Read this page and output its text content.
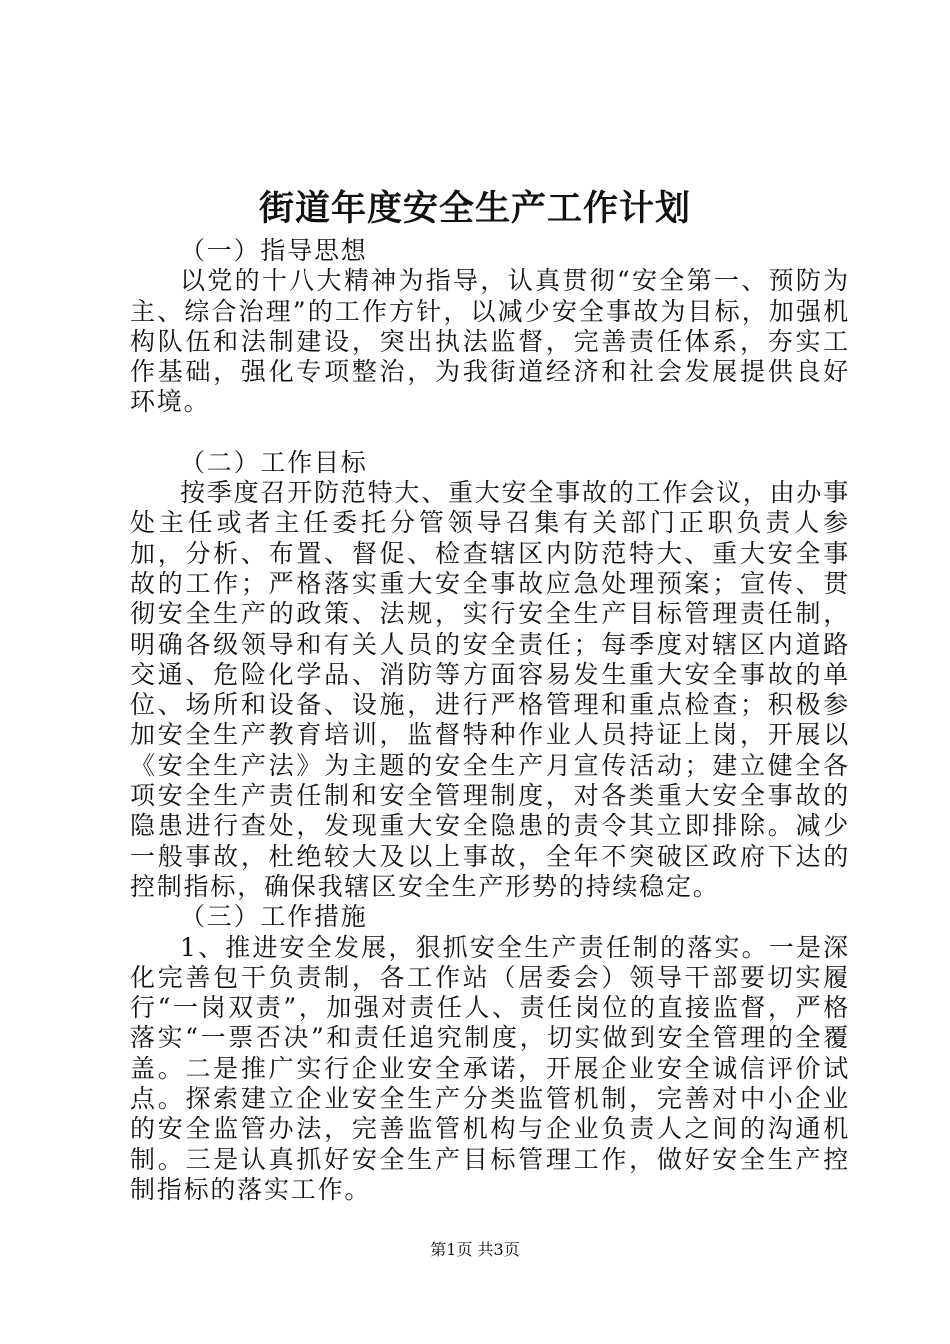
街道年度安全生产工作计划

（一）指导思想

以党的十八大精神为指导，认真贯彻“安全第一、预防为主、综合治理”的工作方针，以减少安全事故为目标，加强机构队伍和法制建设，突出执法监督，完善责任体系，夯实工作基础，强化专项整治，为我街道经济和社会发展提供良好环境。

（二）工作目标

按季度召开防范特大、重大安全事故的工作会议，由办事处主任或者主任委托分管领导召集有关部门正职负责人参加，分析、布置、督促、检查辖区内防范特大、重大安全事故的工作；严格落实重大安全事故应急处理预案；宣传、贯彻安全生产的政策、法规，实行安全生产目标管理责任制，明确各级领导和有关人员的安全责任；每季度对辖区内道路交通、危险化学品、消防等方面容易发生重大安全事故的单位、场所和设备、设施，进行严格管理和重点检查；积极参加安全生产教育培训，监督特种作业人员持证上岗，开展以《安全生产法》为主题的安全生产月宣传活动；建立健全各项安全生产责任制和安全管理制度，对各类重大安全事故的隐患进行查处，发现重大安全隐患的责令其立即排除。减少一般事故，杜绝较大及以上事故，全年不突破区政府下达的控制指标，确保我辖区安全生产形势的持续稳定。

（三）工作措施

1、推进安全发展，狠抓安全生产责任制的落实。一是深化完善包干负责制，各工作站（居委会）领导干部要切实履行“一岗双责”，加强对责任人、责任岗位的直接监督，严格落实“一票否决”和责任追究制度，切实做到安全管理的全覆盖。二是推广实行企业安全承诺，开展企业安全诚信评价试点。探索建立企业安全生产分类监管机制，完善对中小企业的安全监管办法，完善监管机构与企业负责人之间的沟通机制。三是认真抓好安全生产目标管理工作，做好安全生产控制指标的落实工作。

第1页 共3页
